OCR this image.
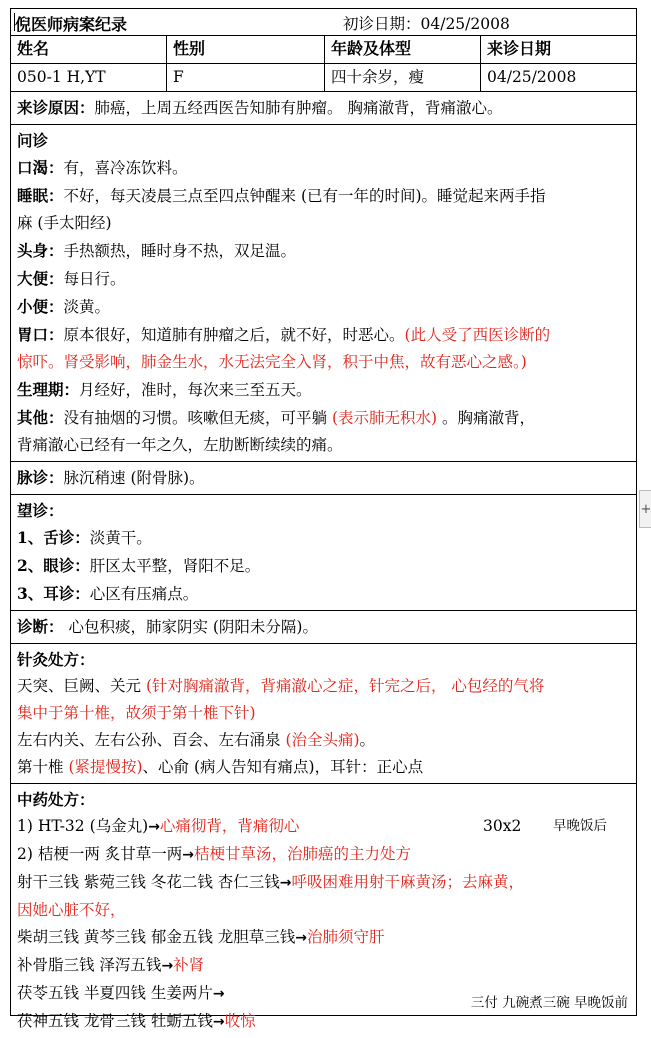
倪医师病案纪录	初诊日期：04/25/2008
姓名	性别	年龄及体型	来诊日期
050-1 H,YT	F	四十余岁，瘦	04/25/2008
来诊原因：肺癌，上周五经西医告知肺有肿瘤。 胸痛澈背，背痛澈心。
问诊
口渴：有，喜冷冻饮料。
睡眠：不好，每天凌晨三点至四点钟醒来 (已有一年的时间)。睡觉起来两手指
麻 (手太阳经)
头身：手热额热，睡时身不热，双足温。
大便：每日行。
小便：淡黄。
胃口：原本很好，知道肺有肿瘤之后，就不好，时恶心。(此人受了西医诊断的
惊吓。肾受影响，肺金生水，水无法完全入肾，积于中焦，故有恶心之感。)
生理期：月经好，准时，每次来三至五天。
其他：没有抽烟的习惯。咳嗽但无痰，可平躺 (表示肺无积水) 。胸痛澈背，
背痛澈心已经有一年之久，左肋断断续续的痛。
脉诊：脉沉稍速 (附骨脉)。
望诊：
1、舌诊：淡黄干。
2、眼诊：肝区太平整，肾阳不足。
3、耳诊：心区有压痛点。
诊断： 心包积痰，肺家阴实 (阴阳未分隔)。
针灸处方：
天突、巨阙、关元 (针对胸痛澈背，背痛澈心之症，针完之后， 心包经的气将
集中于第十椎，故须于第十椎下针)
左右内关、左右公孙、百会、左右涌泉 (治全头痛)。
第十椎 (紧提慢按)、心俞 (病人告知有痛点)，耳针：正心点
中药处方：
1) HT-32 (乌金丸)→心痛彻背，背痛彻心	30x2 早晚饭后
2) 桔梗一两 炙甘草一两→桔梗甘草汤，治肺癌的主力处方
射干三钱 紫菀三钱 冬花二钱 杏仁三钱→呼吸困难用射干麻黄汤；去麻黄，
因她心脏不好，
柴胡三钱 黄芩三钱 郁金五钱 龙胆草三钱→治肺须守肝
补骨脂三钱 泽泻五钱→补肾
茯苓五钱 半夏四钱 生姜两片→
茯神五钱 龙骨三钱 牡蛎五钱→收惊
三付 九碗煮三碗 早晚饭前
+
